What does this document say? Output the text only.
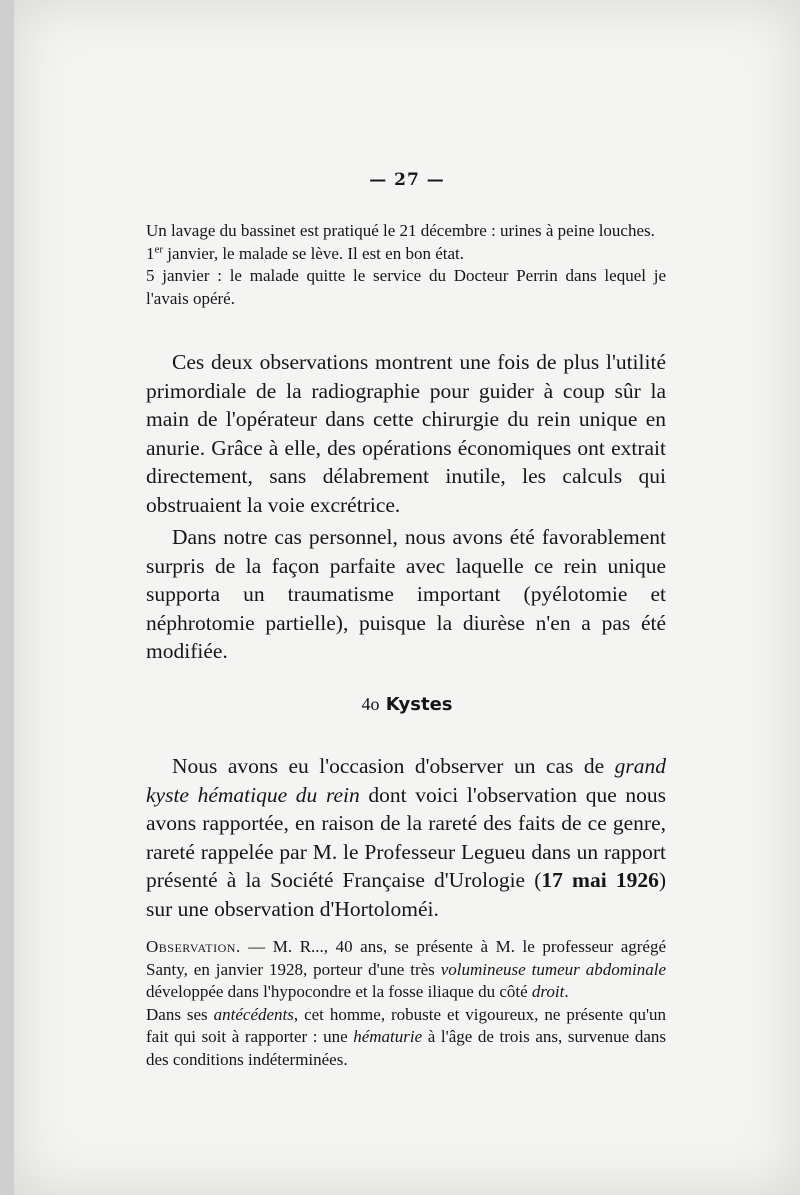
— 27 —

Un lavage du bassinet est pratiqué le 21 décembre : urines à peine louches.

1er janvier, le malade se lève. Il est en bon état.

5 janvier : le malade quitte le service du Docteur Perrin dans lequel je l'avais opéré.

Ces deux observations montrent une fois de plus l'utilité primordiale de la radiographie pour guider à coup sûr la main de l'opérateur dans cette chirurgie du rein unique en anurie. Grâce à elle, des opérations économiques ont extrait directement, sans délabrement inutile, les calculs qui obstruaient la voie excrétrice.

Dans notre cas personnel, nous avons été favorablement surpris de la façon parfaite avec laquelle ce rein unique supporta un traumatisme important (pyélotomie et néphrotomie partielle), puisque la diurèse n'en a pas été modifiée.

4o Kystes

Nous avons eu l'occasion d'observer un cas de grand kyste hématique du rein dont voici l'observation que nous avons rapportée, en raison de la rareté des faits de ce genre, rareté rappelée par M. le Professeur Legueu dans un rapport présenté à la Société Française d'Urologie (17 mai 1926) sur une observation d'Hortoloméi.

Observation. — M. R..., 40 ans, se présente à M. le professeur agrégé Santy, en janvier 1928, porteur d'une très volumineuse tumeur abdominale développée dans l'hypocondre et la fosse iliaque du côté droit.

Dans ses antécédents, cet homme, robuste et vigoureux, ne présente qu'un fait qui soit à rapporter : une hématurie à l'âge de trois ans, survenue dans des conditions indéterminées.
